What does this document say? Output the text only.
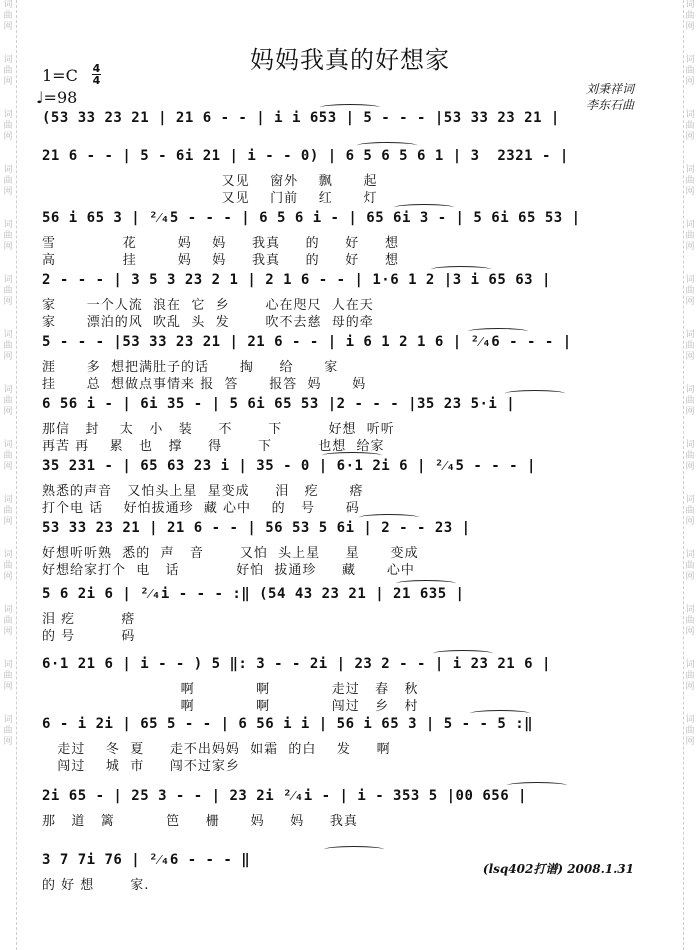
词曲网
词曲网
词曲网
词曲网
词曲网
词曲网
词曲网
词曲网
词曲网
词曲网
词曲网
词曲网
词曲网
词曲网
词曲网
词曲网
词曲网
词曲网
词曲网
词曲网
词曲网
词曲网
词曲网
词曲网
词曲网
词曲网
词曲网
词曲网
妈妈我真的好想家
1=C 4
4
♩=98	刘秉祥词
李东石曲
(53 33 23 21 | 21 6 - - | i i 653 | 5 - - - |53 33 23 21 |
21 6 - - | 5 - 6i 21 | i - - 0) | 6 5 6 5 6 1 | 3  2321 - |
又见    窗外    飘      起
又见    门前    红      灯
56 i 65 3 | ²⁄₄5 - - - | 6 5 6 i - | 65 6i 3 - | 5 6i 65 53 |
雪             花        妈    妈     我真     的     好     想
高             挂        妈    妈     我真     的     好     想
2 - - - | 3 5 3 23 2 1 | 2 1 6 - - | 1·6 1 2 |3 i 65 63 |
家      一个人流  浪在  它  乡       心在咫尺  人在天
家      漂泊的风  吹乱  头  发       吹不去慈  母的牵
5 - - - |53 33 23 21 | 21 6 - - | i 6 1 2 1 6 | ²⁄₄6 - - - |
涯      多  想把满肚子的话      掏     给      家
挂      总  想做点事情来 报  答      报答  妈      妈
6 56 i - | 6i 35 - | 5 6i 65 53 |2 - - - |35 23 5·i |
那信   封    太   小   装     不       下         好想  听听
再苦 再    累   也   撑     得       下         也想  给家
35 231 - | 65 63 23 i | 35 - 0 | 6·1 2i 6 | ²⁄₄5 - - - |
熟悉的声音   又怕头上星  星变成     泪   疙      瘩
打个电 话    好怕拔通珍  藏 心中    的   号      码
53 33 23 21 | 21 6 - - | 56 53 5 6i | 2 - - 23 |
好想听听熟  悉的  声   音       又怕  头上星     星      变成
好想给家打个  电   话           好怕  拔通珍     藏      心中
5 6 2i 6 | ²⁄₄i - - - :‖ (54 43 23 21 | 21 635 |
泪 疙         瘩
的 号         码
6·1 21 6 | i - - ) 5 ‖: 3 - - 2i | 23 2 - - | i 23 21 6 |
啊            啊            走过   春   秋
啊            啊            闯过   乡   村
6 - i 2i | 65 5 - - | 6 56 i i | 56 i 65 3 | 5 - - 5 :‖
走过    冬  夏     走不出妈妈  如霜  的白    发     啊
闯过    城  市     闯不过家乡
2i 65 - | 25 3 - - | 23 2i ²⁄₄i - | i - 353 5 |00 656 |
那   道   篱          笆     栅      妈     妈     我真
3 7 7i 76 | ²⁄₄6 - - - ‖
的 好 想       家.
(lsq402打谱) 2008.1.31
